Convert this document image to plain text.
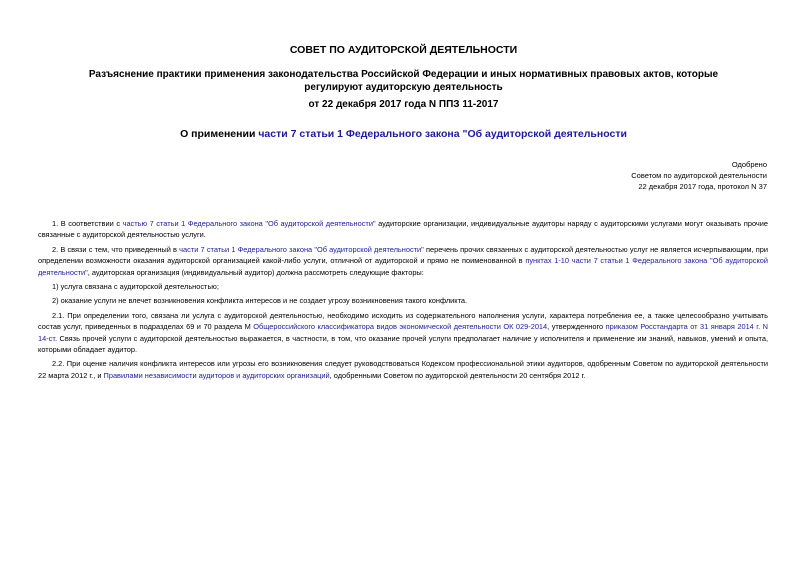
СОВЕТ ПО АУДИТОРСКОЙ ДЕЯТЕЛЬНОСТИ
Разъяснение практики применения законодательства Российской Федерации и иных нормативных правовых актов, которые регулируют аудиторскую деятельность
от 22 декабря 2017 года N ППЗ 11-2017
О применении части 7 статьи 1 Федерального закона "Об аудиторской деятельности
Одобрено
Советом по аудиторской деятельности
22 декабря 2017 года, протокол N 37

1. В соответствии с частью 7 статьи 1 Федерального закона "Об аудиторской деятельности" аудиторские организации, индивидуальные аудиторы наряду с аудиторскими услугами могут оказывать прочие связанные с аудиторской деятельностью услуги.

2. В связи с тем, что приведенный в части 7 статьи 1 Федерального закона "Об аудиторской деятельности" перечень прочих связанных с аудиторской деятельностью услуг не является исчерпывающим, при определении возможности оказания аудиторской организацией какой-либо услуги, отличной от аудиторской и прямо не поименованной в пунктах 1-10 части 7 статьи 1 Федерального закона "Об аудиторской деятельности", аудиторская организация (индивидуальный аудитор) должна рассмотреть следующие факторы:

1) услуга связана с аудиторской деятельностью;

2) оказание услуги не влечет возникновения конфликта интересов и не создает угрозу возникновения такого конфликта.

2.1. При определении того, связана ли услуга с аудиторской деятельностью, необходимо исходить из содержательного наполнения услуги, характера потребления ее, а также целесообразно учитывать состав услуг, приведенных в подразделах 69 и 70 раздела М Общероссийского классификатора видов экономической деятельности ОК 029-2014, утвержденного приказом Росстандарта от 31 января 2014 г. N 14-ст. Связь прочей услуги с аудиторской деятельностью выражается, в частности, в том, что оказание прочей услуги предполагает наличие у исполнителя и применение им знаний, навыков, умений и опыта, которыми обладает аудитор.

2.2. При оценке наличия конфликта интересов или угрозы его возникновения следует руководствоваться Кодексом профессиональной этики аудиторов, одобренным Советом по аудиторской деятельности 22 марта 2012 г., и Правилами независимости аудиторов и аудиторских организаций, одобренными Советом по аудиторской деятельности 20 сентября 2012 г.
